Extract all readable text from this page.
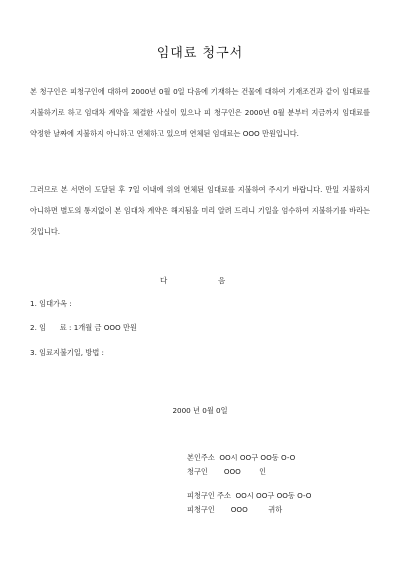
임대료 청구서
본 청구인은 피청구인에 대하여 2000년 0월 0일 다음에 기재하는 건물에 대하여 기재조건과 같이 임대료를 지불하기로 하고 임대차 계약을 체결한 사실이 있으나 피 청구인은 2000년 0월 분부터 지금까지 임대료를 약정한 날짜에 지불하지 아니하고 연체하고 있으며 연체된 임대료는 OOO 만원입니다.
그러므로 본 서면이 도달된 후 7일 이내에 위의 연체된 임대료를 지불하여 주시기 바랍니다. 만일 지불하지 아니하면 별도의 통지없이 본 임대차 계약은 해지됨을 미리 알려 드리니 기일을 엄수하여 지불하기를 바라는 것입니다.
다	음
1. 임대가옥 :
2. 임      료 : 1개월 금 OOO 만원
3. 임료지불기일, 방법 :
2000 년 0월 0일
본인주소  OO시 OO구 OO동 O-O
청구인       OOO        인
피청구인 주소  OO시 OO구 OO동 O-O
피청구인       OOO         귀하
